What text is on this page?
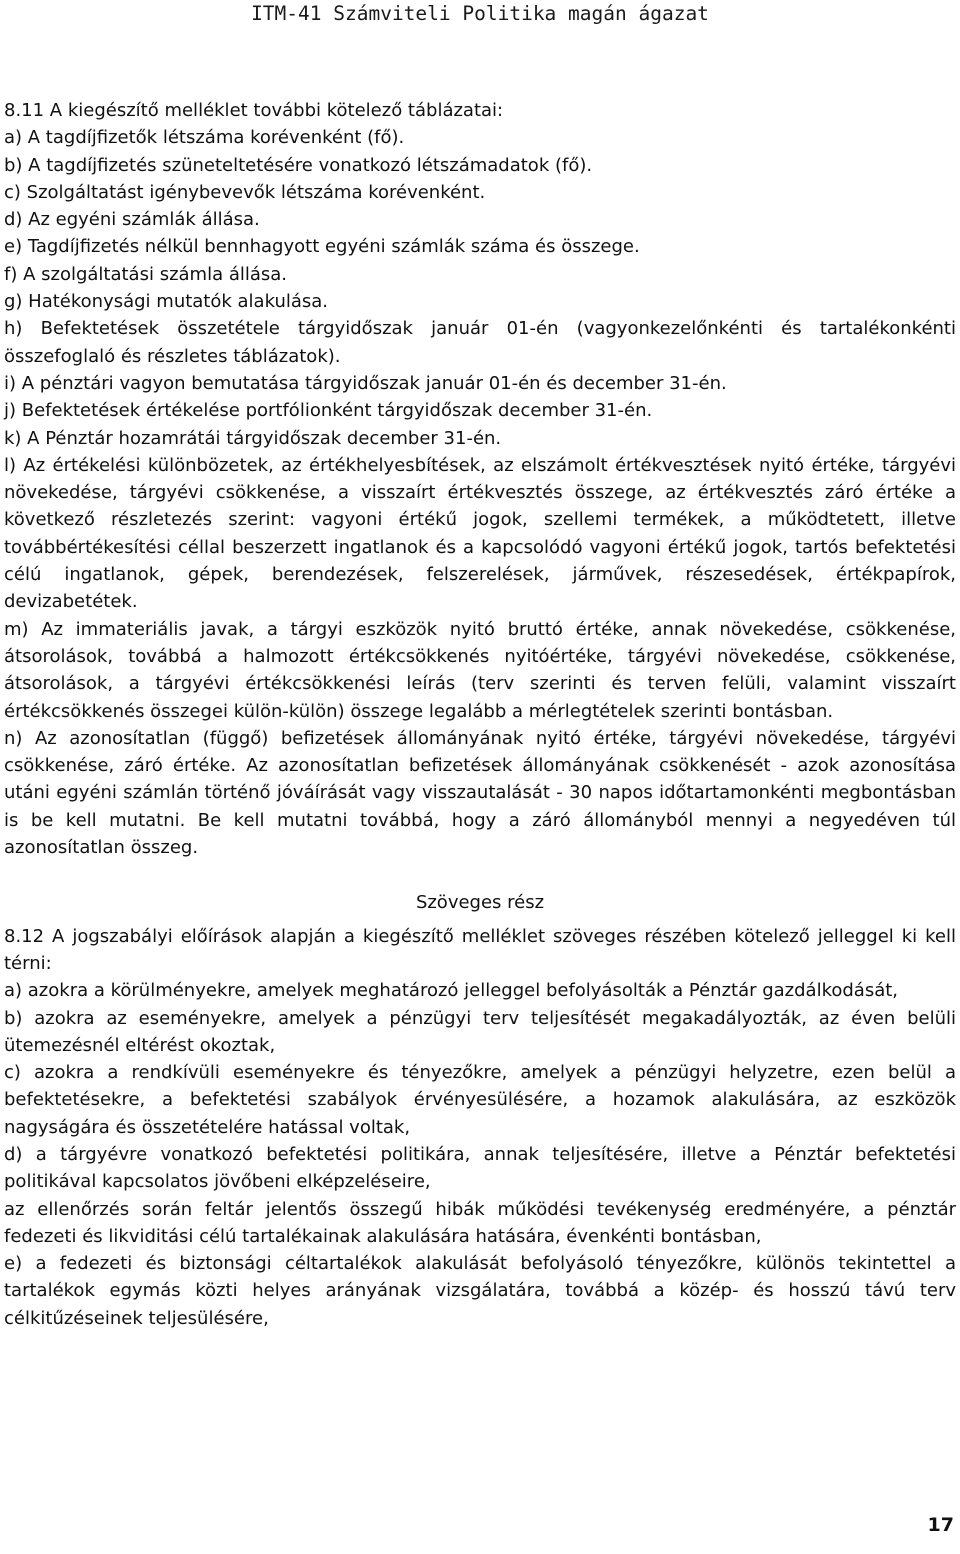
ITM-41 Számviteli Politika magán ágazat
8.11 A kiegészítő melléklet további kötelező táblázatai:
a) A tagdíjfizetők létszáma korévenként (fő).
b) A tagdíjfizetés szüneteltetésére vonatkozó létszámadatok (fő).
c) Szolgáltatást igénybevevők létszáma korévenként.
d) Az egyéni számlák állása.
e) Tagdíjfizetés nélkül bennhagyott egyéni számlák száma és összege.
f) A szolgáltatási számla állása.
g) Hatékonysági mutatók alakulása.
h) Befektetések összetétele tárgyidőszak január 01-én (vagyonkezelőnkénti és tartalékonkénti összefoglaló és részletes táblázatok).
i) A pénztári vagyon bemutatása tárgyidőszak január 01-én és december 31-én.
j) Befektetések értékelése portfólionként tárgyidőszak december 31-én.
k) A Pénztár hozamrátái tárgyidőszak december 31-én.
l) Az értékelési különbözetek, az értékhelyesbítések, az elszámolt értékvesztések nyitó értéke, tárgyévi növekedése, tárgyévi csökkenése, a visszaírt értékvesztés összege, az értékvesztés záró értéke a következő részletezés szerint: vagyoni értékű jogok, szellemi termékek, a működtetett, illetve továbbértékesítési céllal beszerzett ingatlanok és a kapcsolódó vagyoni értékű jogok, tartós befektetési célú ingatlanok, gépek, berendezések, felszerelések, járművek, részesedések, értékpapírok, devizabetétek.
m) Az immateriális javak, a tárgyi eszközök nyitó bruttó értéke, annak növekedése, csökkenése, átsorolások, továbbá a halmozott értékcsökkenés nyitóértéke, tárgyévi növekedése, csökkenése, átsorolások, a tárgyévi értékcsökkenési leírás (terv szerinti és terven felüli, valamint visszaírt értékcsökkenés összegei külön-külön) összege legalább a mérlegtételek szerinti bontásban.
n) Az azonosítatlan (függő) befizetések állományának nyitó értéke, tárgyévi növekedése, tárgyévi csökkenése, záró értéke. Az azonosítatlan befizetések állományának csökkenését - azok azonosítása utáni egyéni számlán történő jóváírását vagy visszautalását - 30 napos időtartamonkénti megbontásban is be kell mutatni. Be kell mutatni továbbá, hogy a záró állományból mennyi a negyedéven túl azonosítatlan összeg.
Szöveges rész
8.12 A jogszabályi előírások alapján a kiegészítő melléklet szöveges részében kötelező jelleggel ki kell térni:
a) azokra a körülményekre, amelyek meghatározó jelleggel befolyásolták a Pénztár gazdálkodását,
b) azokra az eseményekre, amelyek a pénzügyi terv teljesítését megakadályozták, az éven belüli ütemezésnél eltérést okoztak,
c) azokra a rendkívüli eseményekre és tényezőkre, amelyek a pénzügyi helyzetre, ezen belül a befektetésekre, a befektetési szabályok érvényesülésére, a hozamok alakulására, az eszközök nagyságára és összetételére hatással voltak,
d) a tárgyévre vonatkozó befektetési politikára, annak teljesítésére, illetve a Pénztár befektetési politikával kapcsolatos jövőbeni elképzeléseire,
az ellenőrzés során feltár jelentős összegű hibák működési tevékenység eredményére, a pénztár fedezeti és likviditási célú tartalékainak alakulására hatására, évenkénti bontásban,
e) a fedezeti és biztonsági céltartalékok alakulását befolyásoló tényezőkre, különös tekintettel a tartalékok egymás közti helyes arányának vizsgálatára, továbbá a közép- és hosszú távú terv célkitűzéseinek teljesülésére,
17
